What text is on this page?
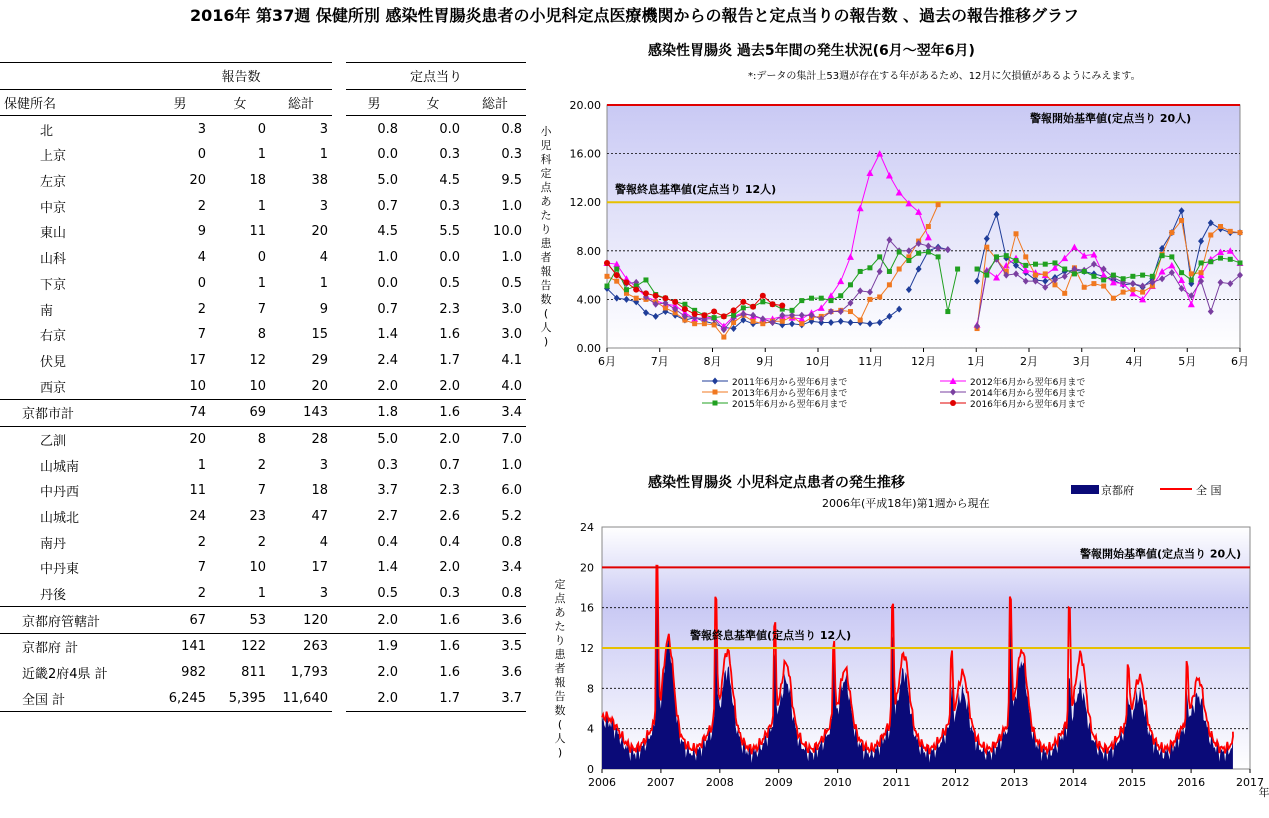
2016年 第37週 保健所別 感染性胃腸炎患者の小児科定点医療機関からの報告と定点当りの報告数 、過去の報告推移グラフ
	報告数				定点当り		
保健所名	男	女	総計		男	女	総計
北	3	0	3		0.8	0.0	0.8
上京	0	1	1		0.0	0.3	0.3
左京	20	18	38		5.0	4.5	9.5
中京	2	1	3		0.7	0.3	1.0
東山	9	11	20		4.5	5.5	10.0
山科	4	0	4		1.0	0.0	1.0
下京	0	1	1		0.0	0.5	0.5
南	2	7	9		0.7	2.3	3.0
右京	7	8	15		1.4	1.6	3.0
伏見	17	12	29		2.4	1.7	4.1
西京	10	10	20		2.0	2.0	4.0
京都市計	74	69	143		1.8	1.6	3.4
乙訓	20	8	28		5.0	2.0	7.0
山城南	1	2	3		0.3	0.7	1.0
中丹西	11	7	18		3.7	2.3	6.0
山城北	24	23	47		2.7	2.6	5.2
南丹	2	2	4		0.4	0.4	0.8
中丹東	7	10	17		1.4	2.0	3.4
丹後	2	1	3		0.5	0.3	0.8
京都府管轄計	67	53	120		2.0	1.6	3.6
京都府 計	141	122	263		1.9	1.6	3.5
近畿2府4県 計	982	811	1,793		2.0	1.6	3.6
全国 計	6,245	5,395	11,640		2.0	1.7	3.7
感染性胃腸炎 過去5年間の発生状況(6月～翌年6月)
*:データの集計上53週が存在する年があるため、12月に欠損値があるようにみえます。
0.00
4.00
8.00
12.00
16.00
20.00
6月	7月	8月	9月	10月	11月	12月	1月	2月	3月	4月	5月	6月
小
児
科
定
点
あ
た
り
患
者
報
告
数
(
人
)
警報開始基準値(定点当り 20人)
警報終息基準値(定点当り 12人)
2011年6月から翌年6月まで	2012年6月から翌年6月まで
2013年6月から翌年6月まで	2014年6月から翌年6月まで
2015年6月から翌年6月まで	2016年6月から翌年6月まで
感染性胃腸炎 小児科定点患者の発生推移
2006年(平成18年)第1週から現在
0
4
8
12
16
20
24
2006	2007	2008	2009	2010	2011	2012	2013	2014	2015	2016	2017
年
定
点
あ
た
り
患
者
報
告
数
(
人
)
警報開始基準値(定点当り 20人)
警報終息基準値(定点当り 12人)
京都府	全 国
